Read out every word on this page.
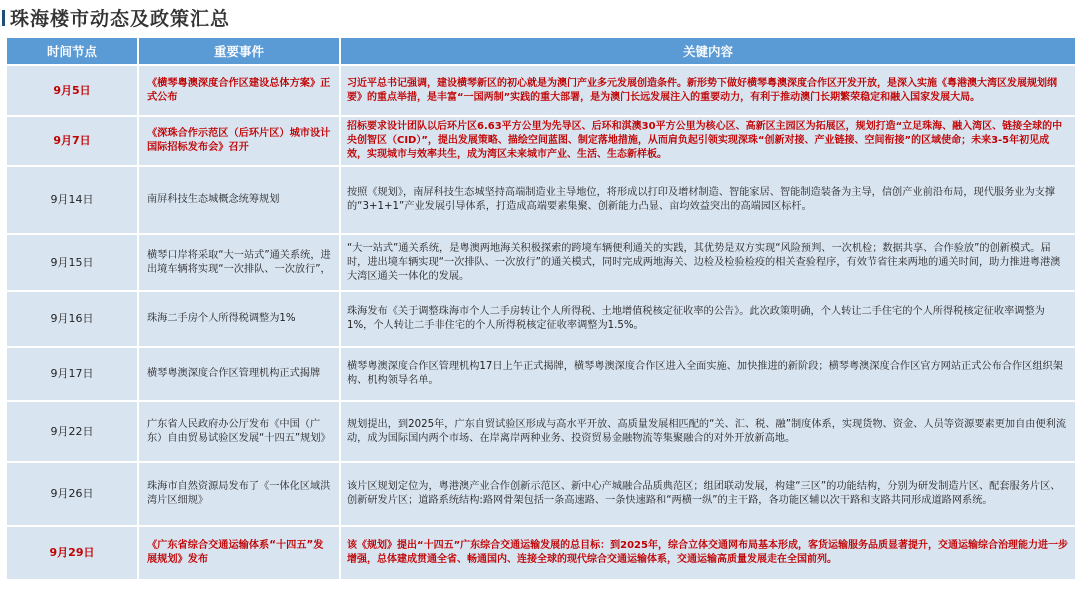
珠海楼市动态及政策汇总
时间节点	重要事件	关键内容
9月5日	《横琴粤澳深度合作区建设总体方案》正式公布	习近平总书记强调，建设横琴新区的初心就是为澳门产业多元发展创造条件。新形势下做好横琴粤澳深度合作区开发开放，是深入实施《粤港澳大湾区发展规划纲要》的重点举措，是丰富“一国两制”实践的重大部署，是为澳门长远发展注入的重要动力，有利于推动澳门长期繁荣稳定和融入国家发展大局。
9月7日	《深珠合作示范区（后环片区）城市设计国际招标发布会》召开	招标要求设计团队以后环片区6.63平方公里为先导区、后环和淇澳30平方公里为核心区、高新区主园区为拓展区，规划打造“立足珠海、融入湾区、链接全球的中央创智区（CID）”，提出发展策略、描绘空间蓝图、制定落地措施，从而肩负起引领实现深珠“创新对接、产业链接、空间衔接”的区域使命；未来3-5年初见成效，实现城市与效率共生，成为湾区未来城市产业、生活、生态新样板。
9月14日	南屏科技生态城概念统筹规划	按照《规划》，南屏科技生态城坚持高端制造业主导地位，将形成以打印及增材制造、智能家居、智能制造装备为主导，信创产业前沿布局，现代服务业为支撑的“3+1+1”产业发展引导体系，打造成高端要素集聚、创新能力凸显、亩均效益突出的高端园区标杆。
9月15日	横琴口岸将采取“大一站式”通关系统，进出境车辆将实现“一次排队、一次放行”，	“大一站式”通关系统，是粤澳两地海关积极探索的跨境车辆便利通关的实践，其优势是双方实现“风险预判、一次机检；数据共享、合作验放”的创新模式。届时，进出境车辆实现“一次排队、一次放行”的通关模式，同时完成两地海关、边检及检验检疫的相关查验程序，有效节省往来两地的通关时间，助力推进粤港澳大湾区通关一体化的发展。
9月16日	珠海二手房个人所得税调整为1%	珠海发布《关于调整珠海市个人二手房转让个人所得税、土地增值税核定征收率的公告》。此次政策明确，个人转让二手住宅的个人所得税核定征收率调整为1%，个人转让二手非住宅的个人所得税核定征收率调整为1.5%。
9月17日	横琴粤澳深度合作区管理机构正式揭牌	横琴粤澳深度合作区管理机构17日上午正式揭牌，横琴粤澳深度合作区进入全面实施、加快推进的新阶段；横琴粤澳深度合作区官方网站正式公布合作区组织架构、机构领导名单。
9月22日	广东省人民政府办公厅发布《中国（广东）自由贸易试验区发展“十四五”规划》	规划提出，到2025年，广东自贸试验区形成与高水平开放、高质量发展相匹配的“关、汇、税、融”制度体系，实现货物、资金、人员等资源要素更加自由便利流动，成为国际国内两个市场、在岸离岸两种业务、投资贸易金融物流等集聚融合的对外开放新高地。
9月26日	珠海市自然资源局发布了《一体化区域洪湾片区细规》	该片区规划定位为，粤港澳产业合作创新示范区、新中心产城融合品质典范区；组团联动发展，构建“三区”的功能结构，分别为研发制造片区、配套服务片区、创新研发片区；道路系统结构:路网骨架包括一条高速路、一条快速路和“两横一纵”的主干路，各功能区辅以次干路和支路共同形成道路网系统。
9月29日	《广东省综合交通运输体系“十四五”发展规划》发布	该《规划》提出“十四五”广东综合交通运输发展的总目标：到2025年，综合立体交通网布局基本形成，客货运输服务品质显著提升，交通运输综合治理能力进一步增强，总体建成贯通全省、畅通国内、连接全球的现代综合交通运输体系，交通运输高质量发展走在全国前列。
